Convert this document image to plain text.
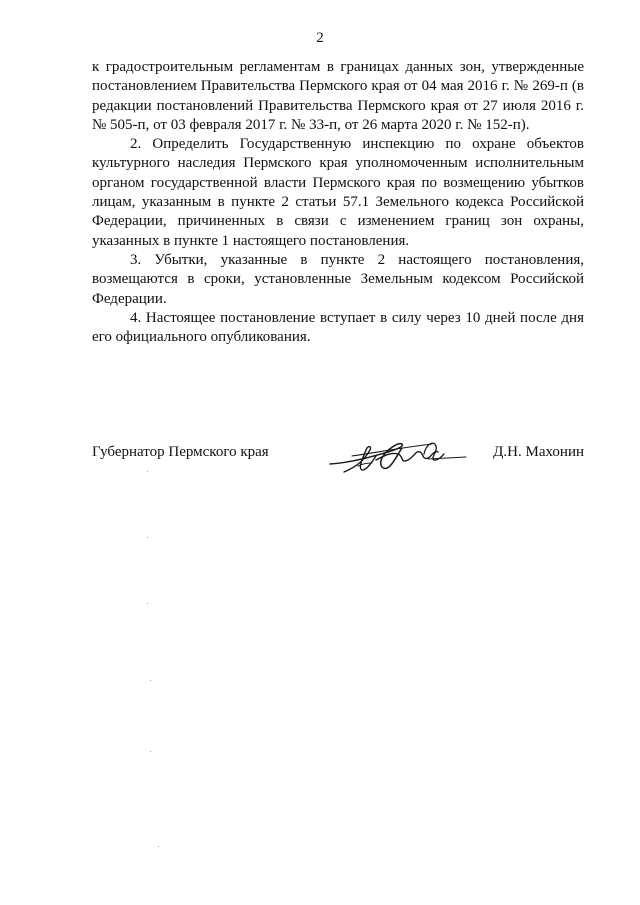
2

к градостроительным регламентам в границах данных зон, утвержденные постановлением Правительства Пермского края от 04 мая 2016 г. № 269-п (в редакции постановлений Правительства Пермского края от 27 июля 2016 г. № 505-п, от 03 февраля 2017 г. № 33-п, от 26 марта 2020 г. № 152-п).

2. Определить Государственную инспекцию по охране объектов культурного наследия Пермского края уполномоченным исполнительным органом государственной власти Пермского края по возмещению убытков лицам, указанным в пункте 2 статьи 57.1 Земельного кодекса Российской Федерации, причиненных в связи с изменением границ зон охраны, указанных в пункте 1 настоящего постановления.

3. Убытки, указанные в пункте 2 настоящего постановления, возмещаются в сроки, установленные Земельным кодексом Российской Федерации.

4. Настоящее постановление вступает в силу через 10 дней после дня его официального опубликования.

Губернатор Пермского края	Д.Н. Махонин
